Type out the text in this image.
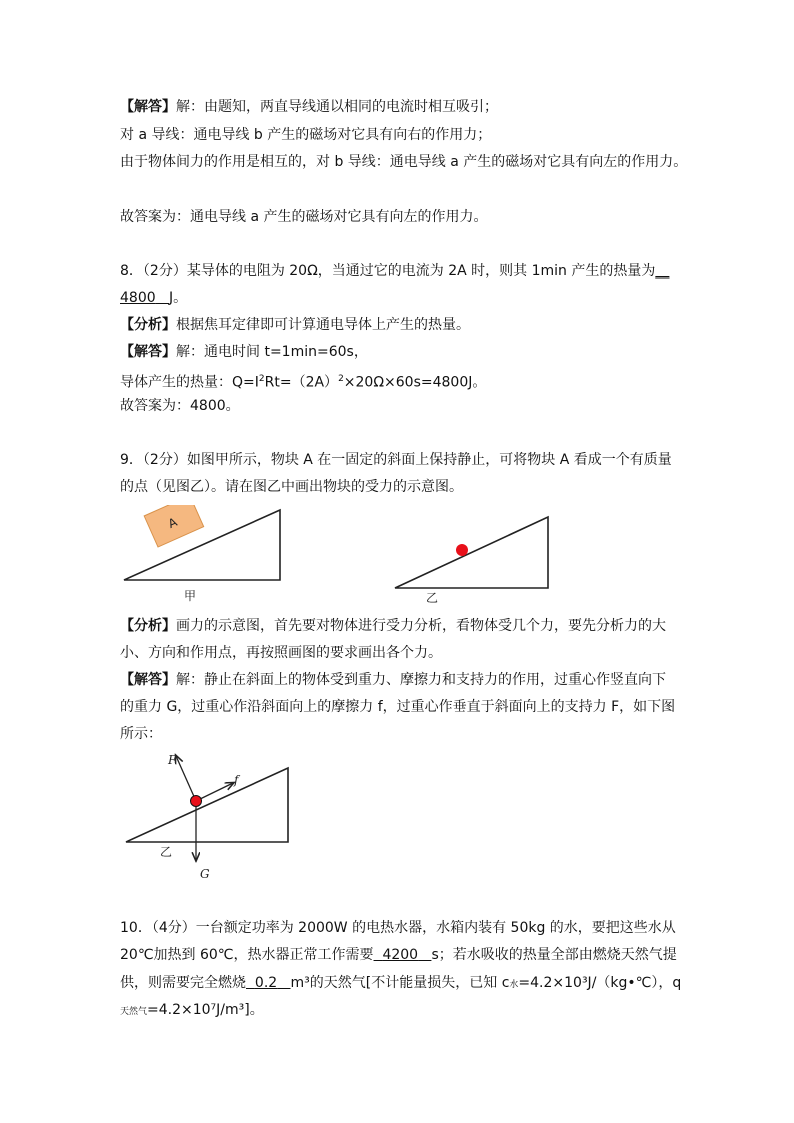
【解答】解：由题知，两直导线通以相同的电流时相互吸引；
对 a 导线：通电导线 b 产生的磁场对它具有向右的作用力；
由于物体间力的作用是相互的，对 b 导线：通电导线 a 产生的磁场对它具有向左的作用力。
故答案为：通电导线 a 产生的磁场对它具有向左的作用力。
8．（2分）某导体的电阻为 20Ω，当通过它的电流为 2A 时，则其 1min 产生的热量为__
4800 J。
【分析】根据焦耳定律即可计算通电导体上产生的热量。
【解答】解：通电时间 t=1min=60s，
导体产生的热量：$Q=I^2Rt=(2A)^2\times 20\Omega\times 60s=4800J$。
故答案为：4800。
9．（2分）如图甲所示，物块 A 在一固定的斜面上保持静止，可将物块 A 看成一个有质量
的点（见图乙）。请在图乙中画出物块的受力的示意图。
A
甲	乙
【分析】画力的示意图，首先要对物体进行受力分析，看物体受几个力，要先分析力的大
小、方向和作用点，再按照画图的要求画出各个力。
【解答】解：静止在斜面上的物体受到重力、摩擦力和支持力的作用，过重心作竖直向下
的重力 G，过重心作沿斜面向上的摩擦力 f，过重心作垂直于斜面向上的支持力 F，如下图
所示：
F
f
G
乙
10．（4分）一台额定功率为 2000W 的电热水器，水箱内装有 50kg 的水，要把这些水从
20℃加热到 60℃，热水器正常工作需要 4200 s；若水吸收的热量全部由燃烧天然气提
供，则需要完全燃烧 0.2 m³的天然气[不计能量损失，已知 c水=4.2×10³J/（kg•℃），q
天然气=4.2×10⁷J/m³]。
